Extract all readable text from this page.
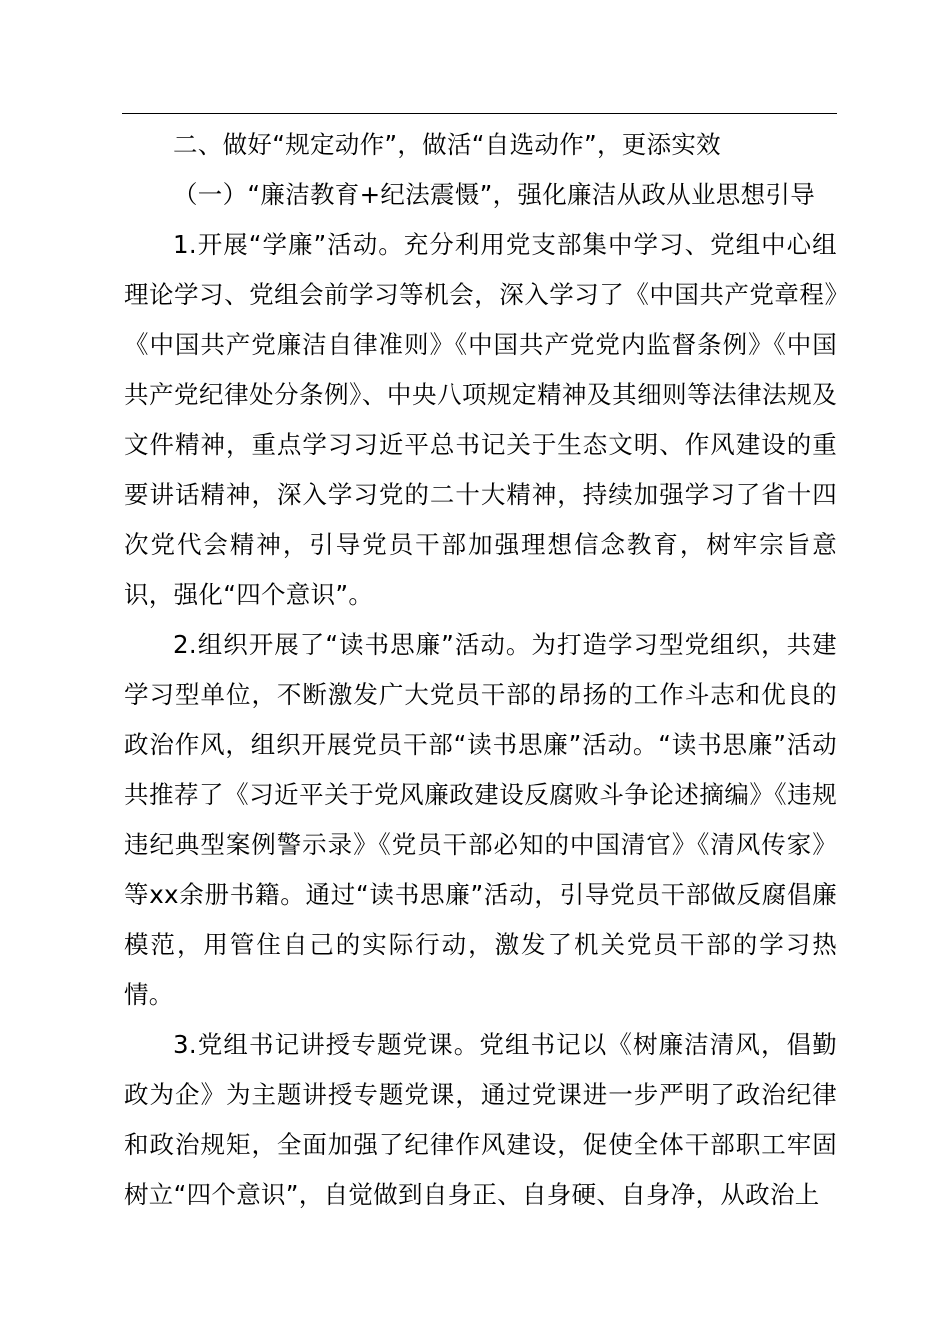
二、做好“规定动作”，做活“自选动作”，更添实效

（一）“廉洁教育+纪法震慑”，强化廉洁从政从业思想引导

1.开展“学廉”活动。充分利用党支部集中学习、党组中心组理论学习、党组会前学习等机会，深入学习了《中国共产党章程》《中国共产党廉洁自律准则》《中国共产党党内监督条例》《中国共产党纪律处分条例》、中央八项规定精神及其细则等法律法规及文件精神，重点学习习近平总书记关于生态文明、作风建设的重要讲话精神，深入学习党的二十大精神，持续加强学习了省十四次党代会精神，引导党员干部加强理想信念教育，树牢宗旨意识，强化“四个意识”。

2.组织开展了“读书思廉”活动。为打造学习型党组织，共建学习型单位，不断激发广大党员干部的昂扬的工作斗志和优良的政治作风，组织开展党员干部“读书思廉”活动。“读书思廉”活动共推荐了《习近平关于党风廉政建设反腐败斗争论述摘编》《违规违纪典型案例警示录》《党员干部必知的中国清官》《清风传家》等xx余册书籍。通过“读书思廉”活动，引导党员干部做反腐倡廉模范，用管住自己的实际行动，激发了机关党员干部的学习热情。

3.党组书记讲授专题党课。党组书记以《树廉洁清风，倡勤政为企》为主题讲授专题党课，通过党课进一步严明了政治纪律和政治规矩，全面加强了纪律作风建设，促使全体干部职工牢固树立“四个意识”，自觉做到自身正、自身硬、自身净，从政治上
